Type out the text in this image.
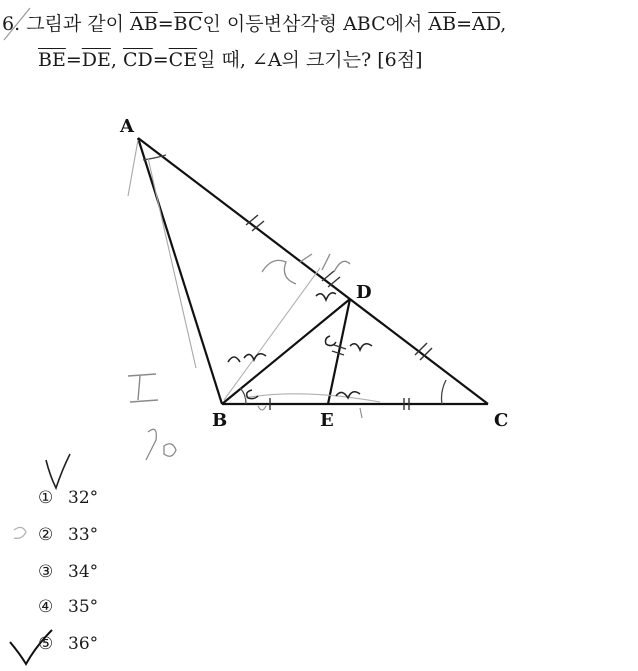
6. 그림과 같이 $\overline{AB}=\overline{BC}$인 이등변삼각형 ABC에서 $\overline{AB}=\overline{AD}$,
$\overline{BE}=\overline{DE}$, $\overline{CD}=\overline{CE}$일 때, ∠A의 크기는? [6점]
A
B	C
D
E
① 32°
② 33°
③ 34°
④ 35°
⑤ 36°
